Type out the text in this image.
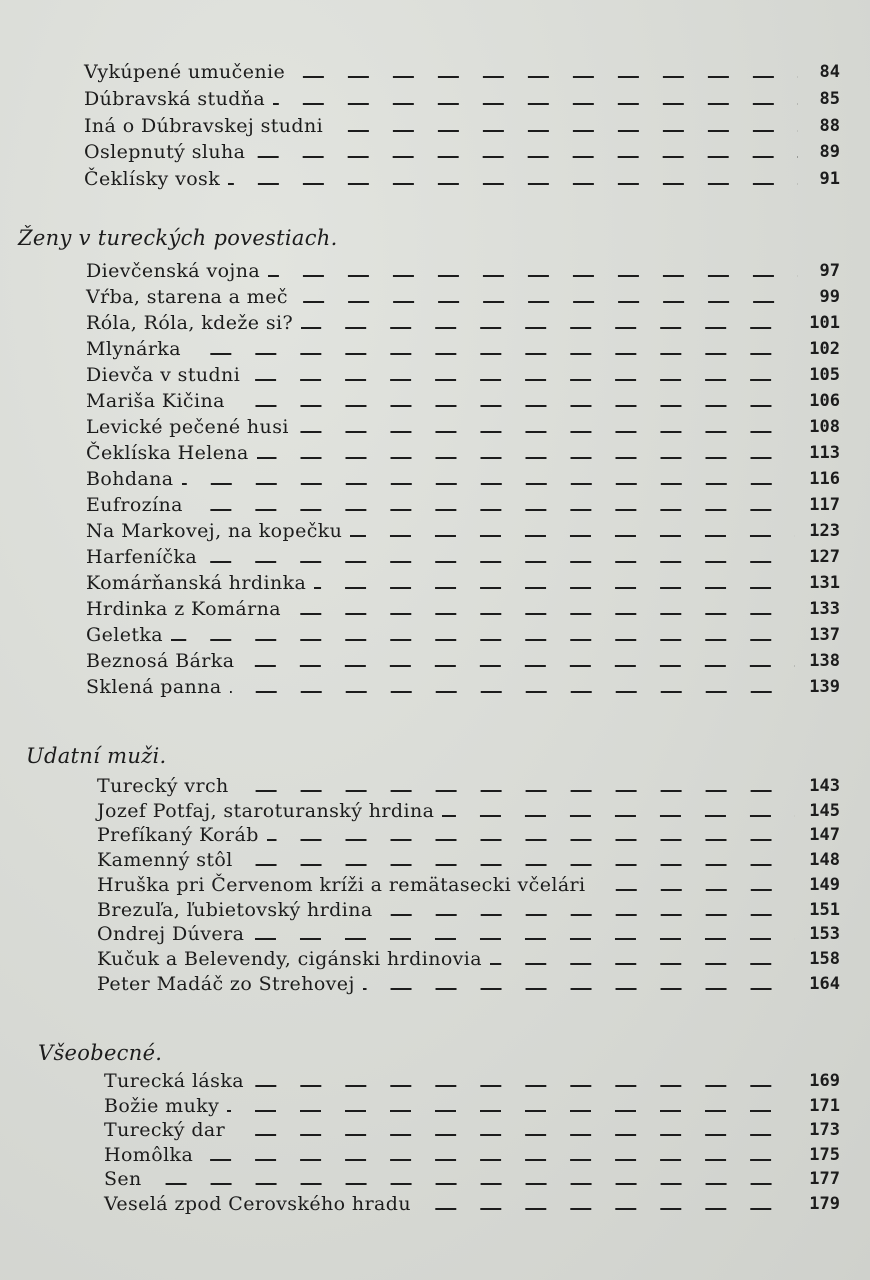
Vykúpené umučenie	84
Dúbravská studňa	85
Iná o Dúbravskej studni	88
Oslepnutý sluha	89
Čeklísky vosk	91
Ženy v tureckých povestiach.
Dievčenská vojna	97
Vŕba, starena a meč	99
Róla, Róla, kdeže si?	101
Mlynárka	102
Dievča v studni	105
Mariša Kičina	106
Levické pečené husi	108
Čeklíska Helena	113
Bohdana	116
Eufrozína	117
Na Markovej, na kopečku	123
Harfeníčka	127
Komárňanská hrdinka	131
Hrdinka z Komárna	133
Geletka	137
Beznosá Bárka	138
Sklená panna	139
Udatní muži.
Turecký vrch	143
Jozef Potfaj, staroturanský hrdina	145
Prefíkaný Koráb	147
Kamenný stôl	148
Hruška pri Červenom kríži a remätasecki včelári	149
Brezuľa, ľubietovský hrdina	151
Ondrej Dúvera	153
Kučuk a Belevendy, cigánski hrdinovia	158
Peter Madáč zo Strehovej	164
Všeobecné.
Turecká láska	169
Božie muky	171
Turecký dar	173
Homôlka	175
Sen	177
Veselá zpod Cerovského hradu	179
